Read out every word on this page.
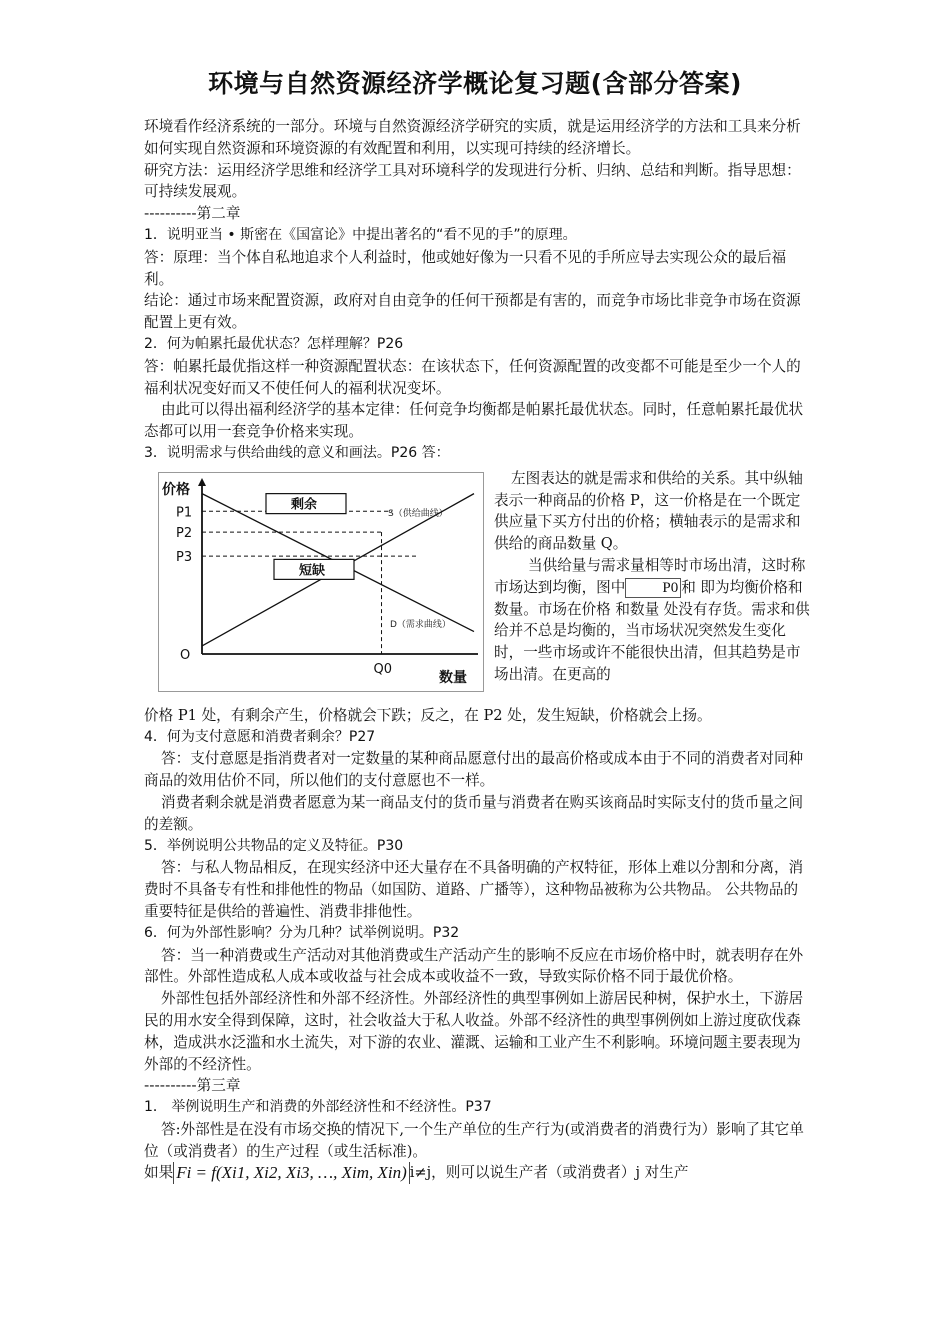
环境与自然资源经济学概论复习题(含部分答案)

环境看作经济系统的一部分。环境与自然资源经济学研究的实质，就是运用经济学的方法和工具来分析如何实现自然资源和环境资源的有效配置和利用，以实现可持续的经济增长。

研究方法：运用经济学思维和经济学工具对环境科学的发现进行分析、归纳、总结和判断。指导思想：可持续发展观。

----------第二章

1．说明亚当 • 斯密在《国富论》中提出著名的“看不见的手”的原理。

答：原理：当个体自私地追求个人利益时，他或她好像为一只看不见的手所应导去实现公众的最后福利。

结论：通过市场来配置资源，政府对自由竞争的任何干预都是有害的，而竞争市场比非竞争市场在资源配置上更有效。

2．何为帕累托最优状态？怎样理解？P26

答：帕累托最优指这样一种资源配置状态：在该状态下，任何资源配置的改变都不可能是至少一个人的福利状况变好而又不使任何人的福利状况变坏。

由此可以得出福利经济学的基本定律：任何竞争均衡都是帕累托最优状态。同时，任意帕累托最优状态都可以用一套竞争价格来实现。

3．说明需求与供给曲线的意义和画法。P26 答：

价格
数量
O
P1
P2
P3
Q0
S（供给曲线）
D（需求曲线）
剩余
短缺

左图表达的就是需求和供给的关系。其中纵轴表示一种商品的价格 P，这一价格是在一个既定供应量下买方付出的价格；横轴表示的是需求和供给的商品数量 Q。

当供给量与需求量相等时市场出清，这时称市场达到均衡，图中 P0 和 即为均衡价格和数量。市场在价格 和数量 处没有存货。需求和供给并不总是均衡的，当市场状况突然发生变化时，一些市场或许不能很快出清，但其趋势是市场出清。在更高的

价格 P1 处，有剩余产生，价格就会下跌；反之，在 P2 处，发生短缺，价格就会上扬。

4．何为支付意愿和消费者剩余？P27

答：支付意愿是指消费者对一定数量的某种商品愿意付出的最高价格或成本由于不同的消费者对同种商品的效用估价不同，所以他们的支付意愿也不一样。

消费者剩余就是消费者愿意为某一商品支付的货币量与消费者在购买该商品时实际支付的货币量之间的差额。

5．举例说明公共物品的定义及特征。P30

答：与私人物品相反，在现实经济中还大量存在不具备明确的产权特征，形体上难以分割和分离，消费时不具备专有性和排他性的物品（如国防、道路、广播等），这种物品被称为公共物品。 公共物品的重要特征是供给的普遍性、消费非排他性。

6．何为外部性影响？分为几种？试举例说明。P32

答：当一种消费或生产活动对其他消费或生产活动产生的影响不反应在市场价格中时，就表明存在外部性。外部性造成私人成本或收益与社会成本或收益不一致，导致实际价格不同于最优价格。

外部性包括外部经济性和外部不经济性。外部经济性的典型事例如上游居民种树，保护水土，下游居民的用水安全得到保障，这时，社会收益大于私人收益。外部不经济性的典型事例例如上游过度砍伐森林，造成洪水泛滥和水土流失，对下游的农业、灌溉、运输和工业产生不利影响。环境问题主要表现为外部的不经济性。

----------第三章

1． 举例说明生产和消费的外部经济性和不经济性。P37

答:外部性是在没有市场交换的情况下,一个生产单位的生产行为(或消费者的消费行为）影响了其它单位（或消费者）的生产过程（或生活标准)。

如果 Fi = f(Xi1, Xi2, Xi3, …, Xim, Xin) i≠j，则可以说生产者（或消费者）j 对生产
